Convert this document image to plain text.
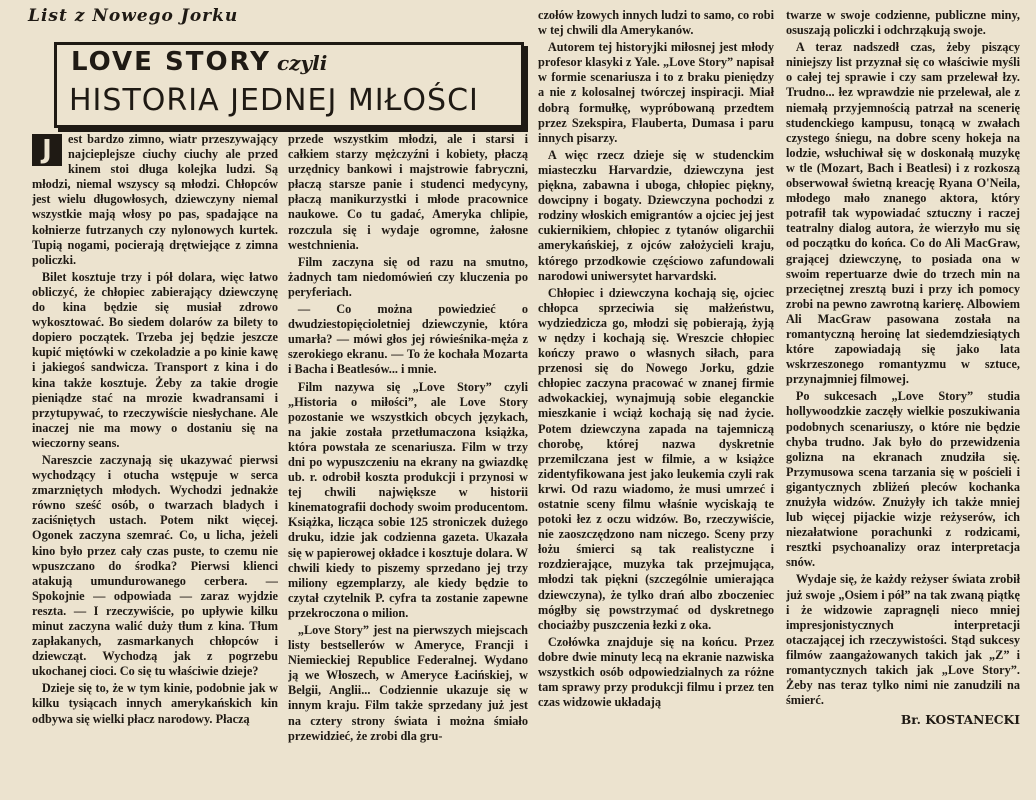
List z Nowego Jorku
LOVE STORY czyli
HISTORIA JEDNEJ MIŁOŚCI

J	est bardzo zimno, wiatr przeszywający najcieplejsze ciuchy ciuchy ale przed kinem stoi długa kolejka ludzi. Są młodzi, niemal wszyscy są młodzi. Chłopców jest wielu długowłosych, dziewczyny niemal wszystkie mają włosy po pas, spadające na kołnierze futrzanych czy nylonowych kurtek. Tupią nogami, pocierają drętwiejące z zimna policzki.

Bilet kosztuje trzy i pół dolara, więc łatwo obliczyć, że chłopiec zabierający dziewczynę do kina będzie się musiał zdrowo wykosztować. Bo siedem dolarów za bilety to dopiero początek. Trzeba jej będzie jeszcze kupić miętówki w czekoladzie a po kinie kawę i jakiegoś sandwicza. Transport z kina i do kina także kosztuje. Żeby za takie drogie pieniądze stać na mrozie kwadransami i przytupywać, to rzeczywiście niesłychane. Ale inaczej nie ma mowy o dostaniu się na wieczorny seans.

Nareszcie zaczynają się ukazywać pierwsi wychodzący i otucha wstępuje w serca zmarzniętych młodych. Wychodzi jednakże równo sześć osób, o twarzach bladych i zaciśniętych ustach. Potem nikt więcej. Ogonek zaczyna szemrać. Co, u licha, jeżeli kino było przez cały czas puste, to czemu nie wpuszczano do środka? Pierwsi klienci atakują umundurowanego cerbera. — Spokojnie — odpowiada — zaraz wyjdzie reszta. — I rzeczywiście, po upływie kilku minut zaczyna walić duży tłum z kina. Tłum zapłakanych, zasmarkanych chłopców i dziewcząt. Wychodzą jak z pogrzebu ukochanej cioci. Co się tu właściwie dzieje?

Dzieje się to, że w tym kinie, podobnie jak w kilku tysiącach innych amerykańskich kin odbywa się wielki płacz narodowy. Płaczą

przede wszystkim młodzi, ale i starsi i całkiem starzy mężczyźni i kobiety, płaczą urzędnicy bankowi i majstrowie fabryczni, płaczą starsze panie i studenci medycyny, płaczą manikurzystki i młode pracownice naukowe. Co tu gadać, Ameryka chlipie, rozczula się i wydaje ogromne, żałosne westchnienia.

Film zaczyna się od razu na smutno, żadnych tam niedomówień czy kluczenia po peryferiach.

— Co można powiedzieć o dwudziestopięcioletniej dziewczynie, która umarła? — mówi głos jej rówieśnika-męża z szerokiego ekranu. — To że kochała Mozarta i Bacha i Beatlesów... i mnie.

Film nazywa się „Love Story” czyli „Historia o miłości”, ale Love Story pozostanie we wszystkich obcych językach, na jakie została przetłumaczona książka, która powstała ze scenariusza. Film w trzy dni po wypuszczeniu na ekrany na gwiazdkę ub. r. odrobił koszta produkcji i przynosi w tej chwili największe w historii kinematografii dochody swoim producentom. Książka, licząca sobie 125 stroniczek dużego druku, idzie jak codzienna gazeta. Ukazała się w papierowej okładce i kosztuje dolara. W chwili kiedy to piszemy sprzedano jej trzy miliony egzemplarzy, ale kiedy będzie to czytał czytelnik P. cyfra ta zostanie zapewne przekroczona o milion.

„Love Story” jest na pierwszych miejscach listy bestsellerów w Ameryce, Francji i Niemieckiej Republice Federalnej. Wydano ją we Włoszech, w Ameryce Łacińskiej, w Belgii, Anglii... Codziennie ukazuje się w innym kraju. Film także sprzedany już jest na cztery strony świata i można śmiało przewidzieć, że zrobi dla gru-

czołów łzowych innych ludzi to samo, co robi w tej chwili dla Amerykanów.

Autorem tej historyjki miłosnej jest młody profesor klasyki z Yale. „Love Story” napisał w formie scenariusza i to z braku pieniędzy a nie z kolosalnej twórczej inspiracji. Miał dobrą formułkę, wypróbowaną przedtem przez Szekspira, Flauberta, Dumasa i paru innych pisarzy.

A więc rzecz dzieje się w studenckim miasteczku Harvardzie, dziewczyna jest piękna, zabawna i uboga, chłopiec piękny, dowcipny i bogaty. Dziewczyna pochodzi z rodziny włoskich emigrantów a ojciec jej jest cukiernikiem, chłopiec z tytanów oligarchii amerykańskiej, z ojców założycieli kraju, którego przodkowie częściowo zafundowali narodowi uniwersytet harvardski.

Chłopiec i dziewczyna kochają się, ojciec chłopca sprzeciwia się małżeństwu, wydziedzicza go, młodzi się pobierają, żyją w nędzy i kochają się. Wreszcie chłopiec kończy prawo o własnych siłach, para przenosi się do Nowego Jorku, gdzie chłopiec zaczyna pracować w znanej firmie adwokackiej, wynajmują sobie eleganckie mieszkanie i wciąż kochają się nad życie. Potem dziewczyna zapada na tajemniczą chorobę, której nazwa dyskretnie przemilczana jest w filmie, a w książce zidentyfikowana jest jako leukemia czyli rak krwi. Od razu wiadomo, że musi umrzeć i ostatnie sceny filmu właśnie wyciskają te potoki łez z oczu widzów. Bo, rzeczywiście, nie zaoszczędzono nam niczego. Sceny przy łożu śmierci są tak realistyczne i rozdzierające, muzyka tak przejmująca, młodzi tak piękni (szczególnie umierająca dziewczyna), że tylko drań albo zboczeniec mógłby się powstrzymać od dyskretnego chociażby puszczenia łezki z oka.

Czołówka znajduje się na końcu. Przez dobre dwie minuty lecą na ekranie nazwiska wszystkich osób odpowiedzialnych za różne tam sprawy przy produkcji filmu i przez ten czas widzowie układają

twarze w swoje codzienne, publiczne miny, osuszają policzki i odchrząkują swoje.

A teraz nadszedł czas, żeby piszący niniejszy list przyznał się co właściwie myśli o całej tej sprawie i czy sam przelewał łzy. Trudno... łez wprawdzie nie przelewał, ale z niemałą przyjemnością patrzał na scenerię studenckiego kampusu, tonącą w zwałach czystego śniegu, na dobre sceny hokeja na lodzie, wsłuchiwał się w doskonałą muzykę w tle (Mozart, Bach i Beatlesi) i z rozkoszą obserwował świetną kreację Ryana O'Neila, młodego mało znanego aktora, który potrafił tak wypowiadać sztuczny i raczej teatralny dialog autora, że wierzyło mu się od początku do końca. Co do Ali MacGraw, grającej dziewczynę, to posiada ona w swoim repertuarze dwie do trzech min na przeciętnej zresztą buzi i przy ich pomocy zrobi na pewno zawrotną karierę. Albowiem Ali MacGraw pasowana została na romantyczną heroinę lat siedemdziesiątych które zapowiadają się jako lata wskrzeszonego romantyzmu w sztuce, przynajmniej filmowej.

Po sukcesach „Love Story” studia hollywoodzkie zaczęły wielkie poszukiwania podobnych scenariuszy, o które nie będzie chyba trudno. Jak było do przewidzenia golizna na ekranach znudziła się. Przymusowa scena tarzania się w pościeli i gigantycznych zbliżeń pleców kochanka znużyła widzów. Znużyły ich także mniej lub więcej pijackie wizje reżyserów, ich niezałatwione porachunki z rodzicami, resztki psychoanalizy oraz interpretacja snów.

Wydaje się, że każdy reżyser świata zrobił już swoje „Osiem i pół” na tak zwaną piątkę i że widzowie zapragnęli nieco mniej impresjonistycznych interpretacji otaczającej ich rzeczywistości. Stąd sukcesy filmów zaangażowanych takich jak „Z” i romantycznych takich jak „Love Story”. Żeby nas teraz tylko nimi nie zanudzili na śmierć.

Br. KOSTANECKI
